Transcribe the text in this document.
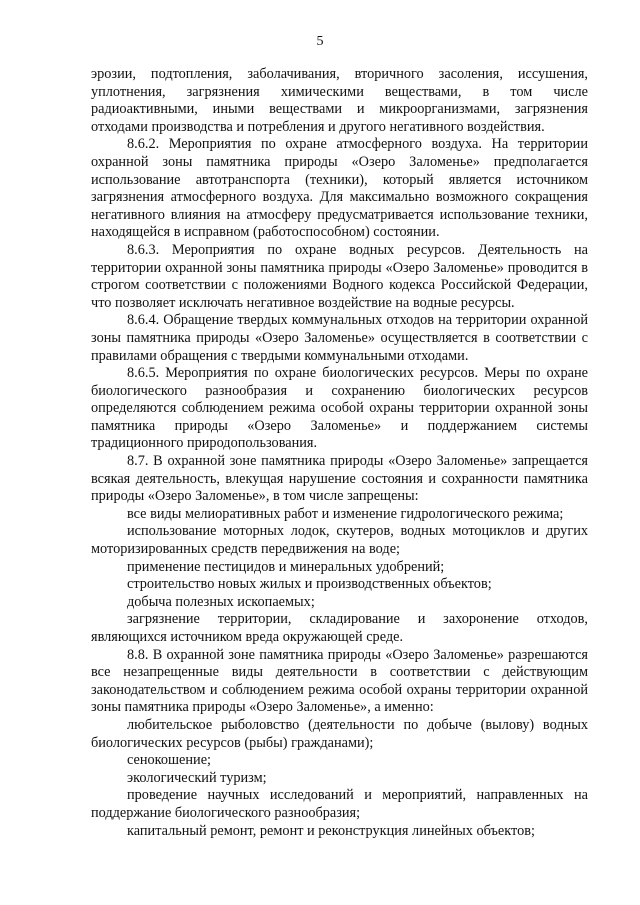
5

эрозии, подтопления, заболачивания, вторичного засоления, иссушения, уплотнения, загрязнения химическими веществами, в том числе радиоактивными, иными веществами и микроорганизмами, загрязнения отходами производства и потребления и другого негативного воздействия.

8.6.2. Мероприятия по охране атмосферного воздуха. На территории охранной зоны памятника природы «Озеро Заломенье» предполагается использование автотранспорта (техники), который является источником загрязнения атмосферного воздуха. Для максимально возможного сокращения негативного влияния на атмосферу предусматривается использование техники, находящейся в исправном (работоспособном) состоянии.

8.6.3. Мероприятия по охране водных ресурсов. Деятельность на территории охранной зоны памятника природы «Озеро Заломенье» проводится в строгом соответствии с положениями Водного кодекса Российской Федерации, что позволяет исключать негативное воздействие на водные ресурсы.

8.6.4. Обращение твердых коммунальных отходов на территории охранной зоны памятника природы «Озеро Заломенье» осуществляется в соответствии с правилами обращения с твердыми коммунальными отходами.

8.6.5. Мероприятия по охране биологических ресурсов. Меры по охране биологического разнообразия и сохранению биологических ресурсов определяются соблюдением режима особой охраны территории охранной зоны памятника природы «Озеро Заломенье» и поддержанием системы традиционного природопользования.

8.7. В охранной зоне памятника природы «Озеро Заломенье» запрещается всякая деятельность, влекущая нарушение состояния и сохранности памятника природы «Озеро Заломенье», в том числе запрещены:

все виды мелиоративных работ и изменение гидрологического режима;

использование моторных лодок, скутеров, водных мотоциклов и других моторизированных средств передвижения на воде;

применение пестицидов и минеральных удобрений;

строительство новых жилых и производственных объектов;

добыча полезных ископаемых;

загрязнение территории, складирование и захоронение отходов, являющихся источником вреда окружающей среде.

8.8. В охранной зоне памятника природы «Озеро Заломенье» разрешаются все незапрещенные виды деятельности в соответствии с действующим законодательством и соблюдением режима особой охраны территории охранной зоны памятника природы «Озеро Заломенье», а именно:

любительское рыболовство (деятельности по добыче (вылову) водных биологических ресурсов (рыбы) гражданами);

сенокошение;

экологический туризм;

проведение научных исследований и мероприятий, направленных на поддержание биологического разнообразия;

капитальный ремонт, ремонт и реконструкция линейных объектов;
